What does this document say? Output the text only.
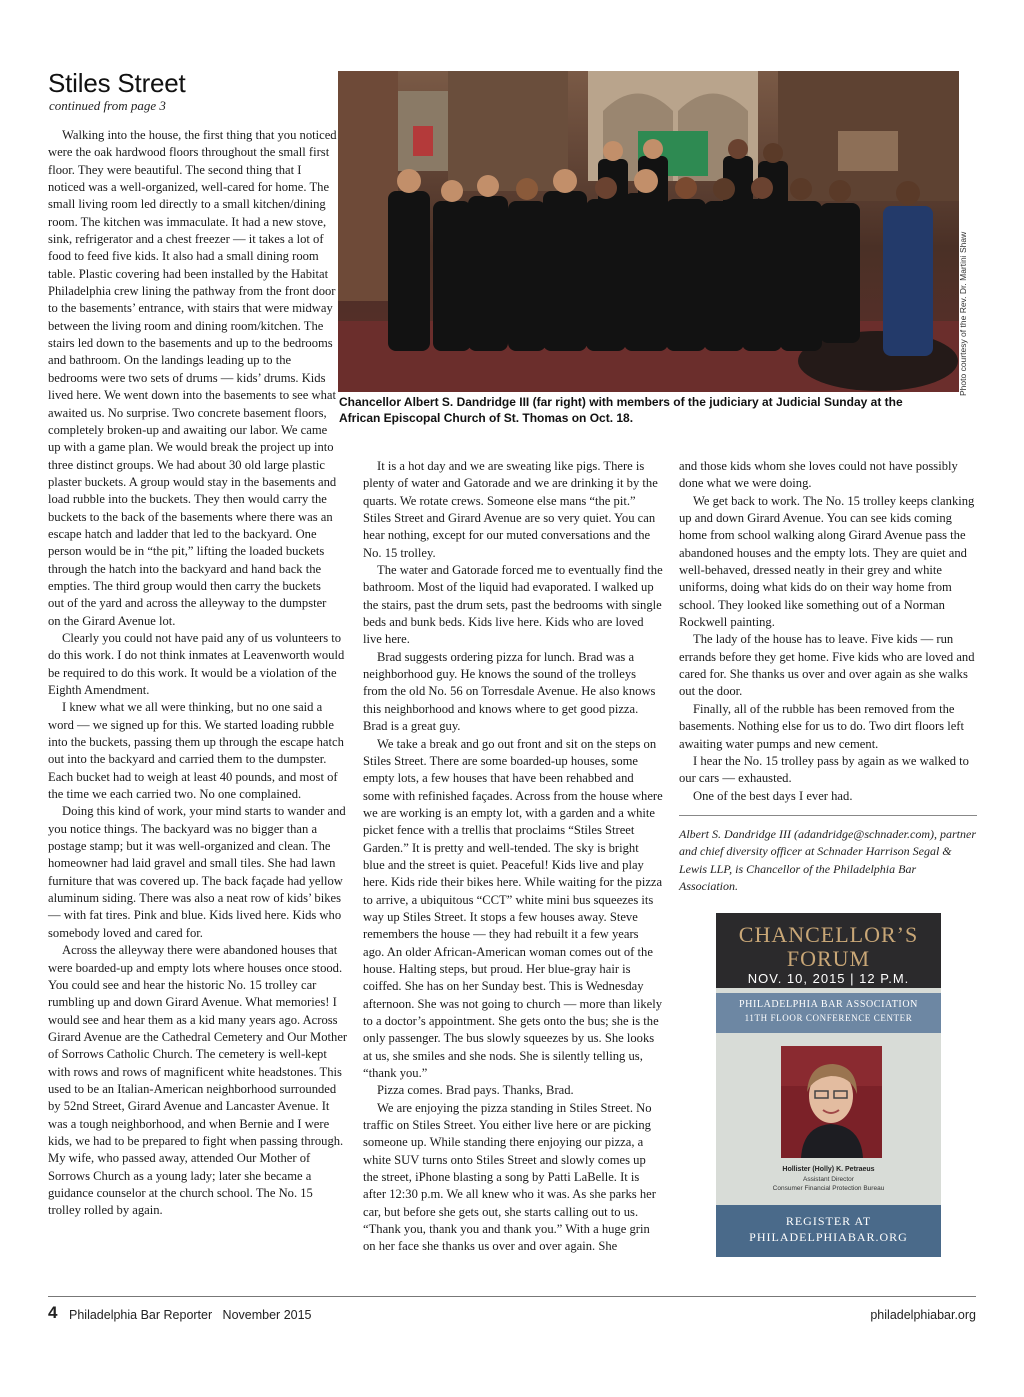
Stiles Street
continued from page 3
Photo courtesy of the Rev. Dr. Martini Shaw
Chancellor Albert S. Dandridge III (far right) with members of the judiciary at Judicial Sunday at the African Episcopal Church of St. Thomas on Oct. 18.

Walking into the house, the first thing that you noticed were the oak hardwood floors throughout the small first floor. They were beautiful. The second thing that I noticed was a well-organized, well-cared for home. The small living room led directly to a small kitchen/dining room. The kitchen was immaculate. It had a new stove, sink, refrigerator and a chest freezer — it takes a lot of food to feed five kids. It also had a small dining room table. Plastic covering had been installed by the Habitat Philadelphia crew lining the pathway from the front door to the basements’ entrance, with stairs that were midway between the living room and dining room/kitchen. The stairs led down to the basements and up to the bedrooms and bathroom. On the landings leading up to the bedrooms were two sets of drums — kids’ drums. Kids lived here. We went down into the basements to see what awaited us. No surprise. Two concrete basement floors, completely broken-up and awaiting our labor. We came up with a game plan. We would break the project up into three distinct groups. We had about 30 old large plastic plaster buckets. A group would stay in the basements and load rubble into the buckets. They then would carry the buckets to the back of the basements where there was an escape hatch and ladder that led to the backyard. One person would be in “the pit,” lifting the loaded buckets through the hatch into the backyard and hand back the empties. The third group would then carry the buckets out of the yard and across the alleyway to the dumpster on the Girard Avenue lot.

Clearly you could not have paid any of us volunteers to do this work. I do not think inmates at Leavenworth would be required to do this work. It would be a violation of the Eighth Amendment.

I knew what we all were thinking, but no one said a word — we signed up for this. We started loading rubble into the buckets, passing them up through the escape hatch out into the backyard and carried them to the dumpster. Each bucket had to weigh at least 40 pounds, and most of the time we each carried two. No one complained.

Doing this kind of work, your mind starts to wander and you notice things. The backyard was no bigger than a postage stamp; but it was well-organized and clean. The homeowner had laid gravel and small tiles. She had lawn furniture that was covered up. The back façade had yellow aluminum siding. There was also a neat row of kids’ bikes — with fat tires. Pink and blue. Kids lived here. Kids who somebody loved and cared for.

Across the alleyway there were abandoned houses that were boarded-up and empty lots where houses once stood. You could see and hear the historic No. 15 trolley car rumbling up and down Girard Avenue. What memories! I would see and hear them as a kid many years ago. Across Girard Avenue are the Cathedral Cemetery and Our Mother of Sorrows Catholic Church. The cemetery is well-kept with rows and rows of magnificent white headstones. This used to be an Italian-American neighborhood surrounded by 52nd Street, Girard Avenue and Lancaster Avenue. It was a tough neighborhood, and when Bernie and I were kids, we had to be prepared to fight when passing through. My wife, who passed away, attended Our Mother of Sorrows Church as a young lady; later she became a guidance counselor at the church school. The No. 15 trolley rolled by again.

It is a hot day and we are sweating like pigs. There is plenty of water and Gatorade and we are drinking it by the quarts. We rotate crews. Someone else mans “the pit.” Stiles Street and Girard Avenue are so very quiet. You can hear nothing, except for our muted conversations and the No. 15 trolley.

The water and Gatorade forced me to eventually find the bathroom. Most of the liquid had evaporated. I walked up the stairs, past the drum sets, past the bedrooms with single beds and bunk beds. Kids live here. Kids who are loved live here.

Brad suggests ordering pizza for lunch. Brad was a neighborhood guy. He knows the sound of the trolleys from the old No. 56 on Torresdale Avenue. He also knows this neighborhood and knows where to get good pizza. Brad is a great guy.

We take a break and go out front and sit on the steps on Stiles Street. There are some boarded-up houses, some empty lots, a few houses that have been rehabbed and some with refinished façades. Across from the house where we are working is an empty lot, with a garden and a white picket fence with a trellis that proclaims “Stiles Street Garden.” It is pretty and well-tended. The sky is bright blue and the street is quiet. Peaceful! Kids live and play here. Kids ride their bikes here. While waiting for the pizza to arrive, a ubiquitous “CCT” white mini bus squeezes its way up Stiles Street. It stops a few houses away. Steve remembers the house — they had rebuilt it a few years ago. An older African-American woman comes out of the house. Halting steps, but proud. Her blue-gray hair is coiffed. She has on her Sunday best. This is Wednesday afternoon. She was not going to church — more than likely to a doctor’s appointment. She gets onto the bus; she is the only passenger. The bus slowly squeezes by us. She looks at us, she smiles and she nods. She is silently telling us, “thank you.”

Pizza comes. Brad pays. Thanks, Brad.

We are enjoying the pizza standing in Stiles Street. No traffic on Stiles Street. You either live here or are picking someone up. While standing there enjoying our pizza, a white SUV turns onto Stiles Street and slowly comes up the street, iPhone blasting a song by Patti LaBelle. It is after 12:30 p.m. We all knew who it was. As she parks her car, but before she gets out, she starts calling out to us. “Thank you, thank you and thank you.” With a huge grin on her face she thanks us over and over again. She

and those kids whom she loves could not have possibly done what we were doing.

We get back to work. The No. 15 trolley keeps clanking up and down Girard Avenue. You can see kids coming home from school walking along Girard Avenue pass the abandoned houses and the empty lots. They are quiet and well-behaved, dressed neatly in their grey and white uniforms, doing what kids do on their way home from school. They looked like something out of a Norman Rockwell painting.

The lady of the house has to leave. Five kids — run errands before they get home. Five kids who are loved and cared for. She thanks us over and over again as she walks out the door.

Finally, all of the rubble has been removed from the basements. Nothing else for us to do. Two dirt floors left awaiting water pumps and new cement.

I hear the No. 15 trolley pass by again as we walked to our cars — exhausted.

One of the best days I ever had.

Albert S. Dandridge III (adandridge@schnader.com), partner and chief diversity officer at Schnader Harrison Segal & Lewis LLP, is Chancellor of the Philadelphia Bar Association.
CHANCELLOR’S
FORUM
NOV. 10, 2015 | 12 P.M.
PHILADELPHIA BAR ASSOCIATION
11TH FLOOR CONFERENCE CENTER
Hollister (Holly) K. Petraeus
Assistant Director
Consumer Financial Protection Bureau
REGISTER AT
PHILADELPHIABAR.ORG
4 Philadelphia Bar Reporter   November 2015	philadelphiabar.org
